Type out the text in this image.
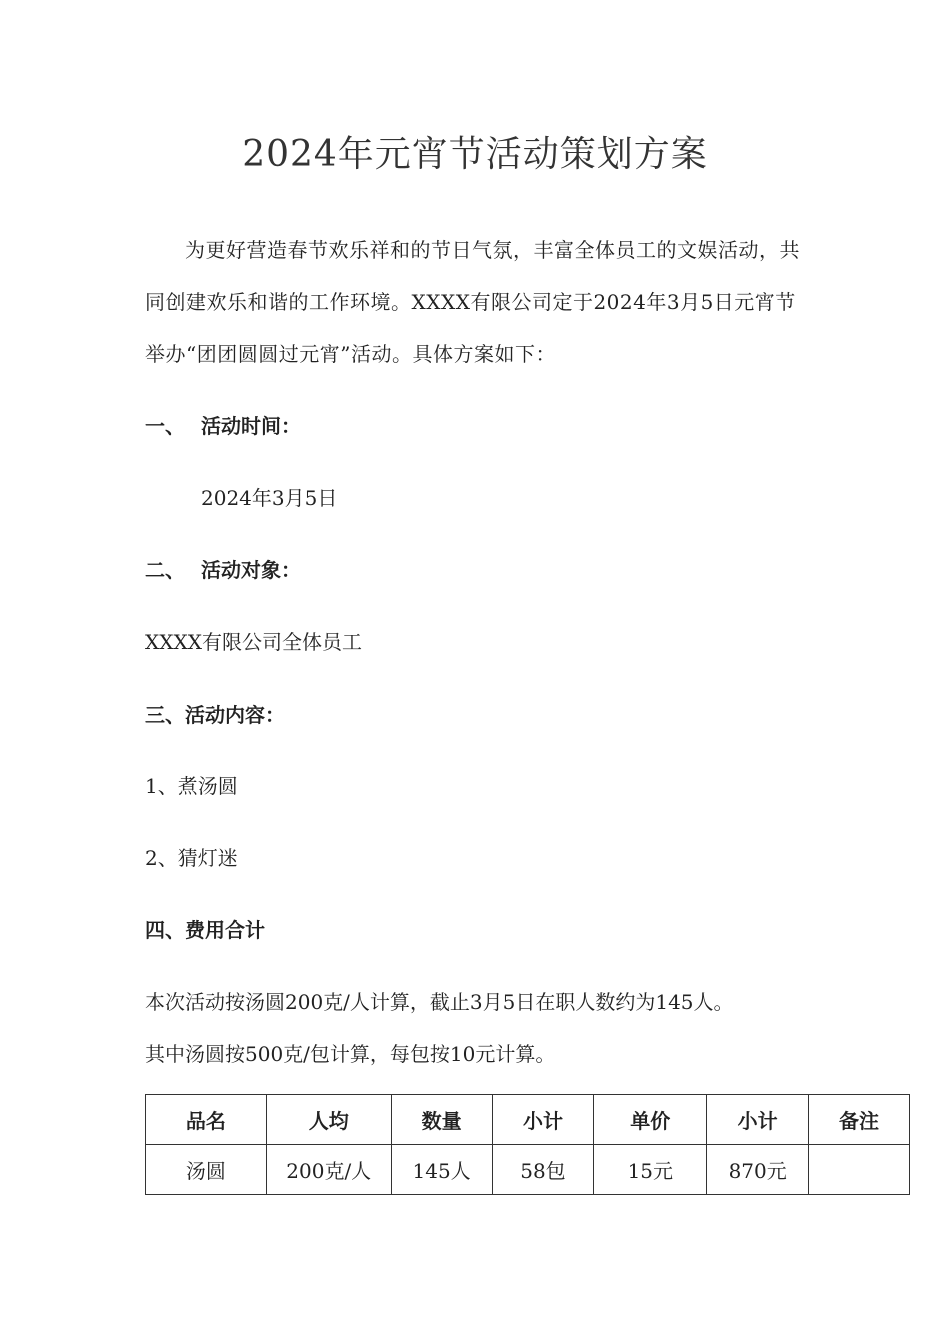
2024年元宵节活动策划方案

为更好营造春节欢乐祥和的节日气氛，丰富全体员工的文娱活动，共同创建欢乐和谐的工作环境。XXXX有限公司定于2024年3月5日元宵节举办“团团圆圆过元宵”活动。具体方案如下：

一、 活动时间：
2024年3月5日
二、 活动对象：
XXXX有限公司全体员工
三、活动内容：
1、煮汤圆
2、猜灯迷
四、费用合计
本次活动按汤圆200克/人计算，截止3月5日在职人数约为145人。
其中汤圆按500克/包计算，每包按10元计算。
品名	人均	数量	小计	单价	小计	备注
汤圆	200克/人	145人	58包	15元	870元	
